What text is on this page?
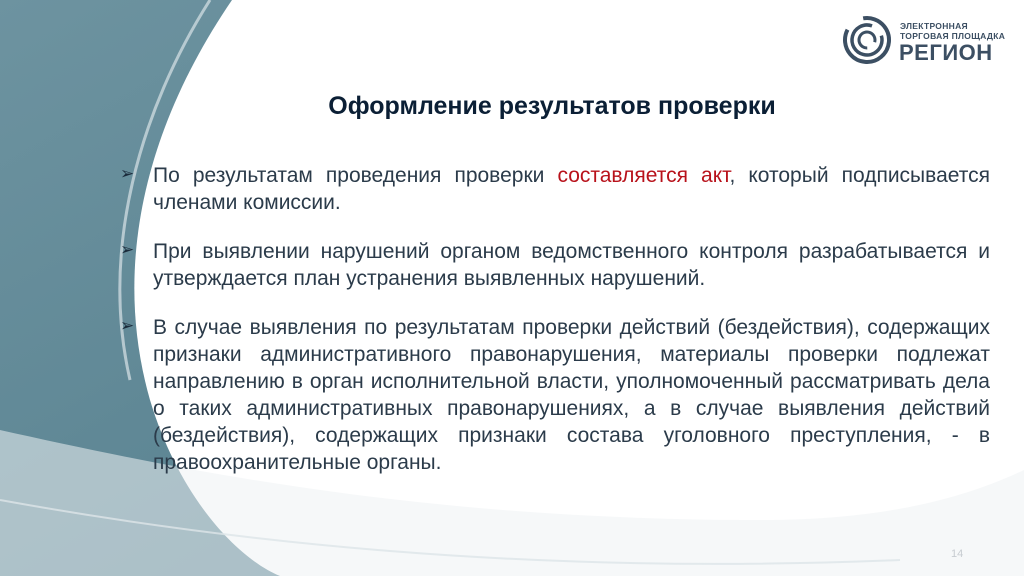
ЭЛЕКТРОННАЯ
ТОРГОВАЯ ПЛОЩАДКА
РЕГИОН
Оформление результатов проверки
➢ По результатам проведения проверки составляется акт, который подписывается членами комиссии.
➢ При выявлении нарушений органом ведомственного контроля разрабатывается и утверждается план устранения выявленных нарушений.
➢ В случае выявления по результатам проверки действий (бездействия), содержащих признаки административного правонарушения, материалы проверки подлежат направлению в орган исполнительной власти, уполномоченный рассматривать дела о таких административных правонарушениях, а в случае выявления действий (бездействия), содержащих признаки состава уголовного преступления, - в правоохранительные органы.
14
